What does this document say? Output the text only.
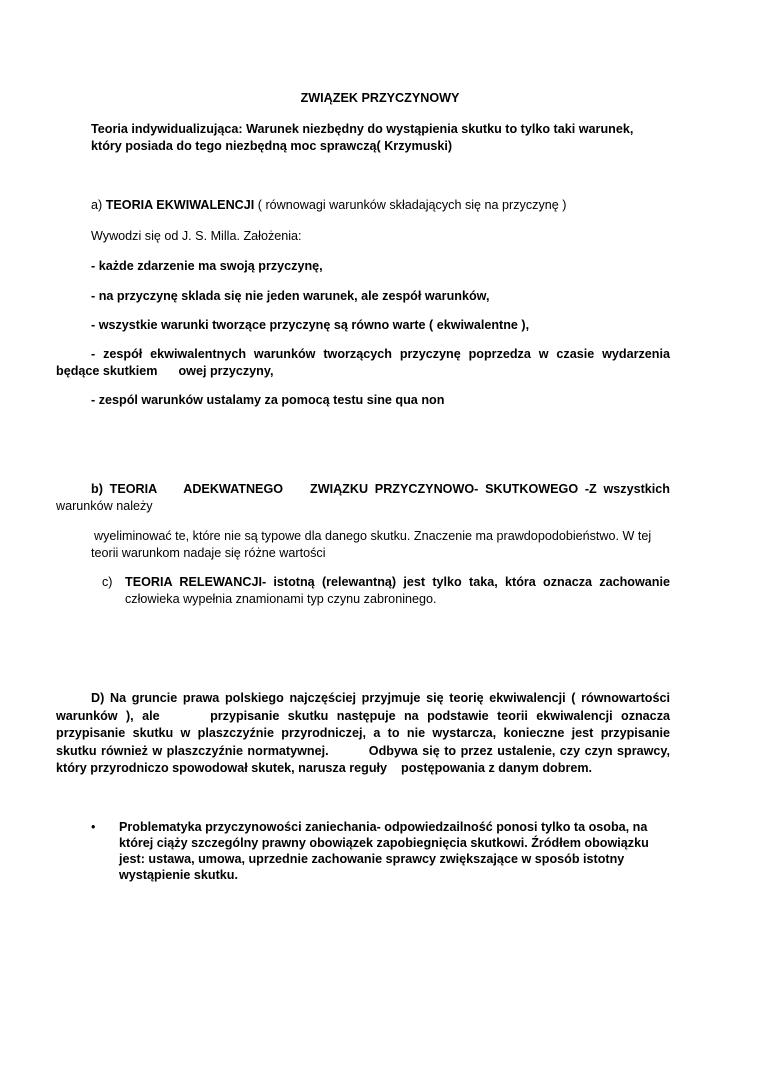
ZWIĄZEK PRZYCZYNOWY

Teoria indywidualizująca: Warunek niezbędny do wystąpienia skutku to tylko taki warunek,

który posiada do tego niezbędną moc sprawczą( Krzymuski)

a) TEORIA EKWIWALENCJI ( równowagi warunków składających się na przyczynę )

Wywodzi się od J. S. Milla. Założenia:

- każde zdarzenie ma swoją przyczynę,

- na przyczynę sklada się nie jeden warunek, ale zespół warunków,

- wszystkie warunki tworzące przyczynę są równo warte ( ekwiwalentne ),

- zespół ekwiwalentnych warunków tworzących przyczynę poprzedza w czasie wydarzenia

będące skutkiem      owej przyczyny,

- zespól warunków ustalamy za pomocą testu sine qua non

b) TEORIA    ADEKWATNEGO    ZWIĄZKU PRZYCZYNOWO- SKUTKOWEGO -Z wszystkich

warunków należy

wyeliminować te, które nie są typowe dla danego skutku. Znaczenie ma prawdopodobieństwo. W tej

teorii warunkom nadaje się różne wartości

c) TEORIA RELEWANCJI- istotną (relewantną) jest tylko taka, która oznacza zachowanie

człowieka wypełnia znamionami typ czynu zabroninego.

D) Na gruncie prawa polskiego najczęściej przyjmuje się teorię ekwiwalencji ( równowartości

warunków ), ale      przypisanie skutku następuje na podstawie teorii ekwiwalencji oznacza

przypisanie skutku w plaszczyźnie przyrodniczej, a to nie wystarcza, konieczne jest przypisanie

skutku również w plaszczyźnie normatywnej.         Odbywa się to przez ustalenie, czy czyn sprawcy,

który przyrodniczo spowodował skutek, narusza reguły    postępowania z danym dobrem.

• Problematyka przyczynowości zaniechania- odpowiedzailność ponosi tylko ta osoba, na

której ciąży szczególny prawny obowiązek zapobiegnięcia skutkowi. Źródłem obowiązku

jest: ustawa, umowa, uprzednie zachowanie sprawcy zwiększające w sposób istotny

wystąpienie skutku.
